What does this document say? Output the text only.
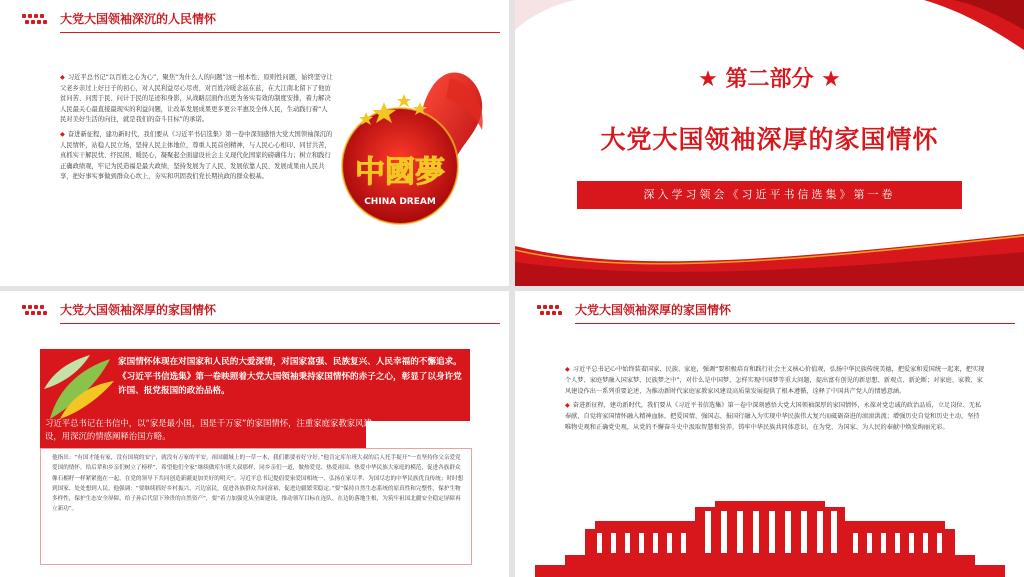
大党大国领袖深沉的人民情怀

◆ 习近平总书记“以百姓之心为心”，聚焦“为什么人的问题”这一根本性、原则性问题，始终坚守让父老乡亲过上好日子的初心，对人民利益尽心尽责、对百姓冷暖念兹在兹，在大江南北留下了他访贫问苦、问需于民、问计于民的足迹和身影，从战略层面作出更为务实有效的制度安排，着力解决人民最关心最直接最现实的利益问题，让改革发展成果更多更公平惠及全体人民，生动践行着“人民对美好生活的向往，就是我们的奋斗目标”的承诺。

◆ 奋进新征程，建功新时代，我们要从《习近平书信选集》第一卷中深刻感悟大党大国领袖深沉的人民情怀，站稳人民立场，坚持人民主体地位，尊重人民首创精神，与人民心心相印、同甘共苦，真抓实干解民忧、纾民困、暖民心，凝聚起全面建设社会主义现代化国家的磅礴伟力；树立和践行正确政绩观，牢记为民造福是最大政绩，坚持发展为了人民、发展依靠人民、发展成果由人民共享，把好事实事做到群众心坎上，夯实和巩固我们党长期执政的群众根基。	中國夢
CHINA DREAM
★ 第二部分 ★
大党大国领袖深厚的家国情怀
深入学习领会《习近平书信选集》第一卷
大党大国领袖深厚的家国情怀
家国情怀体现在对国家和人民的大爱深情，对国家富强、民族复兴、人民幸福的不懈追求。《习近平书信选集》第一卷映照着大党大国领袖秉持家国情怀的赤子之心，彰显了以身许党许国、报党报国的政治品格。
习近平总书记在书信中，以“家是最小国，国是千万家”的家国情怀，注重家庭家教家风建设，用深沉的情感阐释治国方略。
他指出：“有国才能有家，没有国境的安宁，就没有万家的平安。祖国疆域上的一草一木，我们都要看好守好。”他肯定库尔班大叔的后人托手捉开“一直坚持你父亲爱党爱国的情怀，给后辈和乡亲们树立了榜样”，希望他们全家“继续做库尔班大叔那样，同乡亲们一道，做热爱党、热爱祖国、热爱中华民族大家庭的模范，促进各族群众像石榴籽一样紧紧抱在一起，在党的领导下共同创造新疆更加美好的明天”。习近平总书记提倡爱家爱国相统一，弘扬在家尽孝、为国尽忠的中华民族优良传统；时时想到国家、处处想到人民。他强调：“要继续抓好乡村振兴、兴边富民，促进各族群众共同富裕，促进边疆繁荣稳定。”要“保持自然生态系统的原真性和完整性，保护生物多样性，保护生态安全屏障，给子孙后代留下珍贵的自然资产”，要“着力加强党从全面建设，推动领军目标在连队、在边防落地生根，为筑牢祖国北疆安全稳定屏障再立新功”。
大党大国领袖深厚的家国情怀

◆ 习近平总书记心中始终装着国家、民族、家庭，强调“要积极培育和践行社会主义核心价值观，弘扬中华民族传统美德，把爱家和爱国统一起来，把实现个人梦、家庭梦融入国家梦、民族梦之中”，对什么是中国梦、怎样实现中国梦等重大问题，提出富有创见的新思想、新观点、新论断；对家庭、家教、家风建设作出一系列重要论述，为推动新时代家庭家教家风建设高质量发展提供了根本遵循，诠释了中国共产党人的情感意涵。

◆ 奋进新征程，建功新时代，我们要从《习近平书信选集》第一卷中深刻感悟大党大国领袖深厚的家国情怀，永葆对党忠诚的政治品质，立足岗位、无私奉献，自觉将家国情怀融入精神血脉，把爱国情、强国志、报国行融入为实现中华民族伟大复兴而砥砺奋进的滚滚洪流；增强历史自觉和历史主动，坚持唯物史观和正确党史观，从党的不懈奋斗史中汲取智慧和营养，铸牢中华民族共同体意识，在为党、为国家、为人民的奉献中焕发绚丽光彩。
